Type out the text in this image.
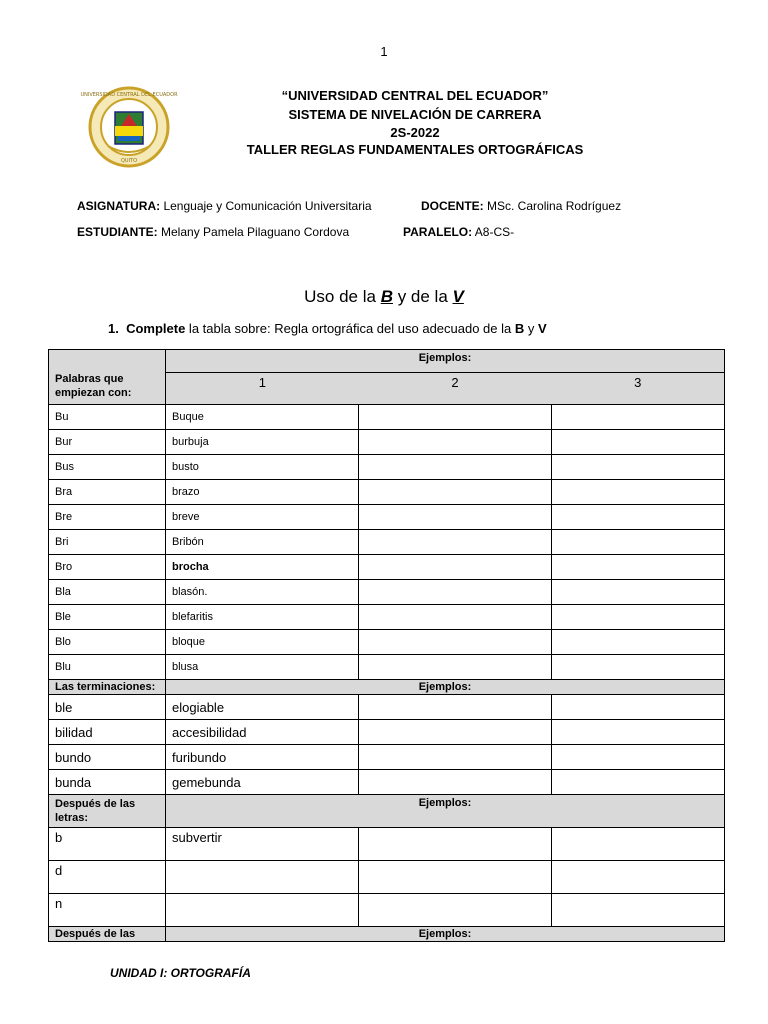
1
UNIVERSIDAD CENTRAL DEL ECUADOR
QUITO
“UNIVERSIDAD CENTRAL DEL ECUADOR”
SISTEMA DE NIVELACIÓN DE CARRERA
2S-2022
TALLER REGLAS FUNDAMENTALES ORTOGRÁFICAS
ASIGNATURA: Lenguaje y Comunicación Universitaria	DOCENTE: MSc. Carolina Rodríguez
ESTUDIANTE: Melany Pamela Pilaguano Cordova	PARALELO: A8-CS-
Uso de la B y de la V
1. Complete la tabla sobre: Regla ortográfica del uso adecuado de la B y V
Palabras que empiezan con:	Ejemplos:
1 2 3		

Bu	Buque		
Bur	burbuja		
Bus	busto		
Bra	brazo		
Bre	breve		
Bri	Bribón		
Bro	brocha		
Bla	blasón.		
Ble	blefaritis		
Blo	bloque		
Blu	blusa		
Las terminaciones:	Ejemplos:		
ble	elogiable		
bilidad	accesibilidad		
bundo	furibundo		
bunda	gemebunda		
Después de las letras:	Ejemplos:		
b	subvertir		
d			
n			
Después de las	Ejemplos:		
UNIDAD I: ORTOGRAFÍA
